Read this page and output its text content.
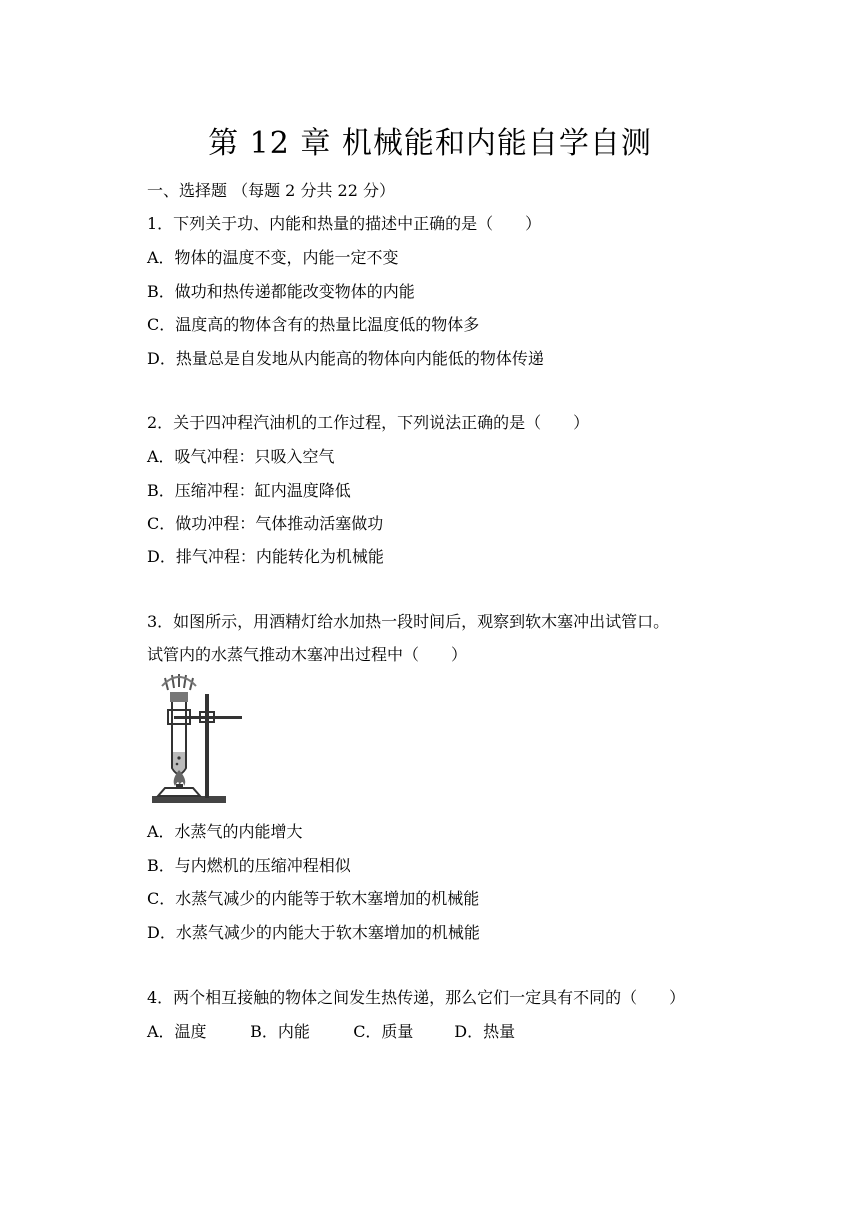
第 12 章 机械能和内能自学自测
一、选择题 （每题 2 分共 22 分）
1．下列关于功、内能和热量的描述中正确的是（　　）
A．物体的温度不变，内能一定不变
B．做功和热传递都能改变物体的内能
C．温度高的物体含有的热量比温度低的物体多
D．热量总是自发地从内能高的物体向内能低的物体传递
2．关于四冲程汽油机的工作过程，下列说法正确的是（　　）
A．吸气冲程：只吸入空气
B．压缩冲程：缸内温度降低
C．做功冲程：气体推动活塞做功
D．排气冲程：内能转化为机械能
3．如图所示，用酒精灯给水加热一段时间后，观察到软木塞冲出试管口。
试管内的水蒸气推动木塞冲出过程中（　　）
A．水蒸气的内能增大
B．与内燃机的压缩冲程相似
C．水蒸气减少的内能等于软木塞增加的机械能
D．水蒸气减少的内能大于软木塞增加的机械能
4．两个相互接触的物体之间发生热传递，那么它们一定具有不同的（　　）
A．温度	B．内能	C．质量	D．热量
